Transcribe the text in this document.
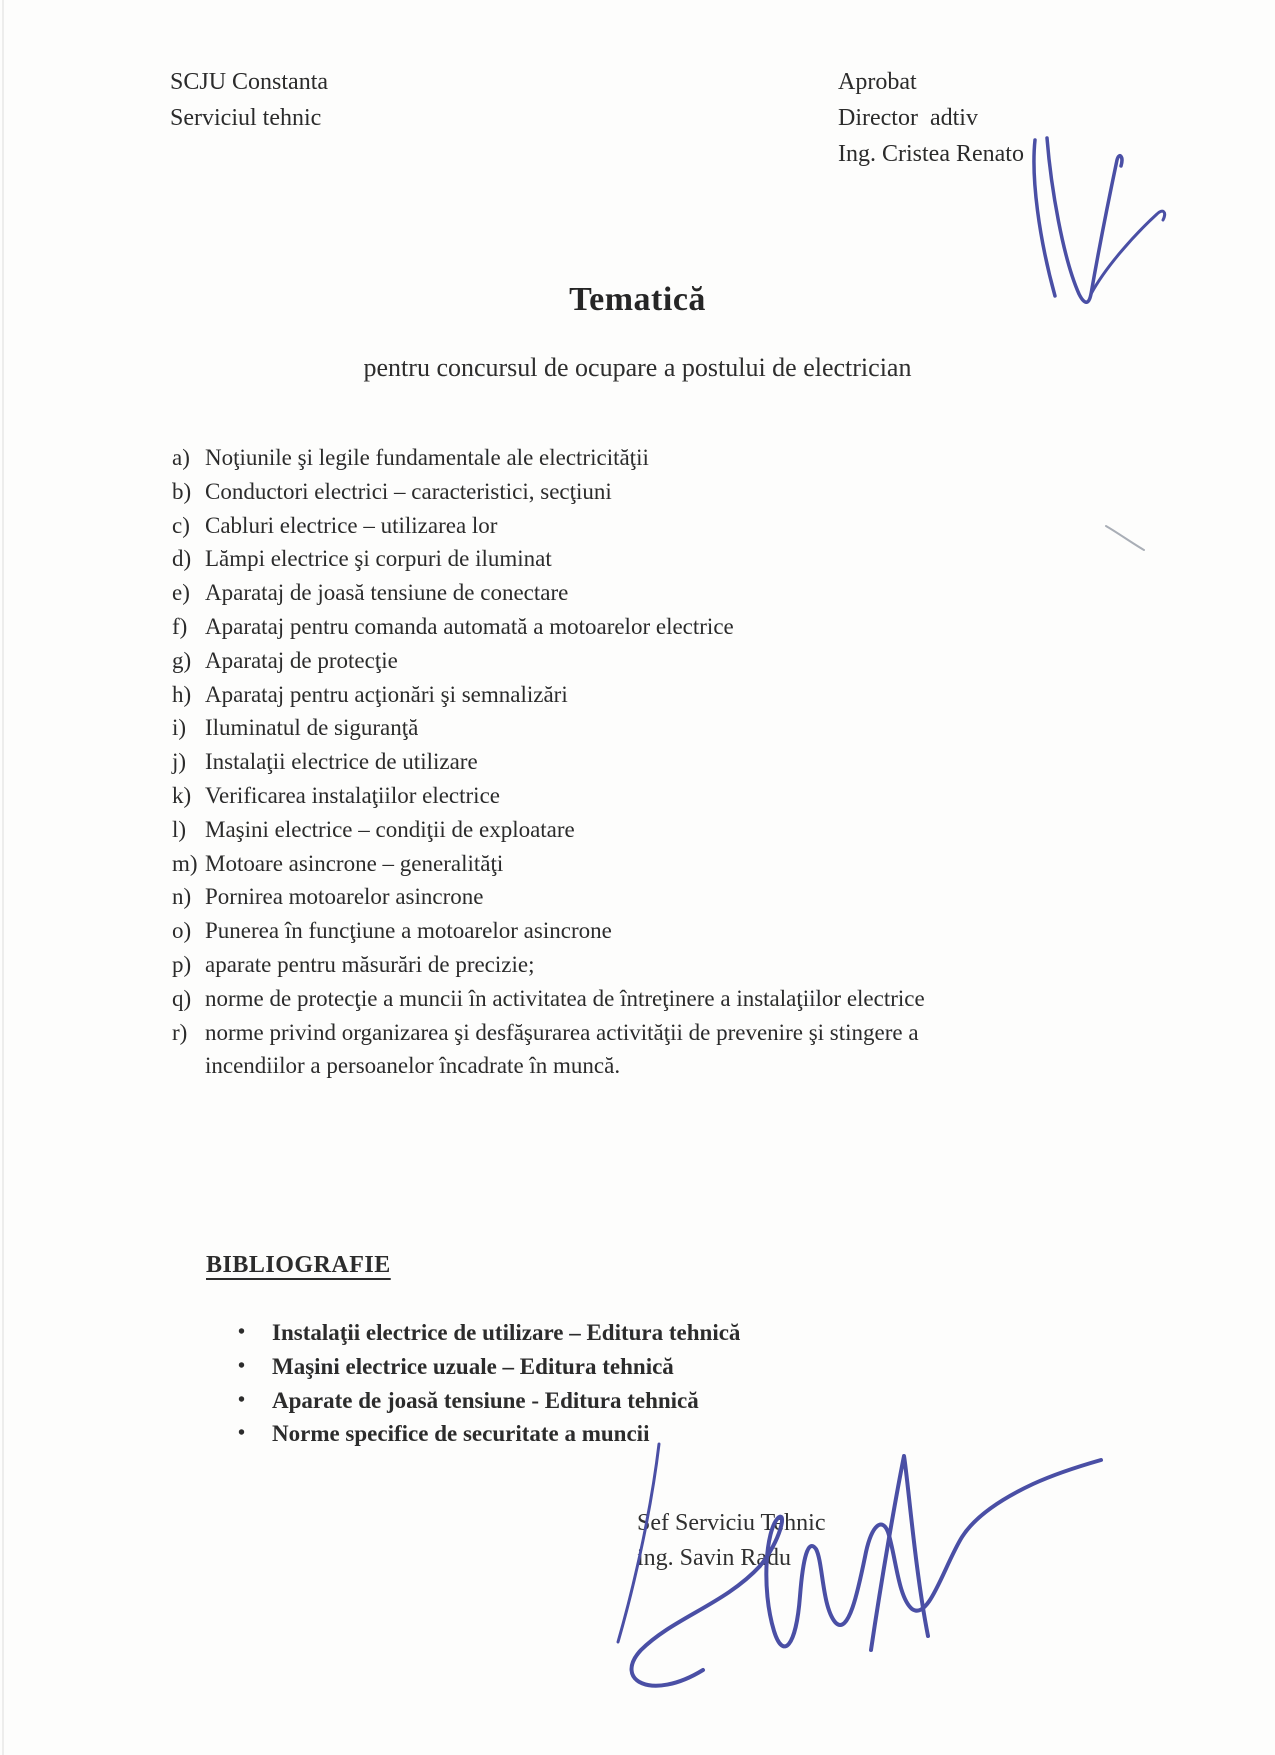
SCJU Constanta
Serviciul tehnic
Aprobat
Director  adtiv
Ing. Cristea Renato
Tematică
pentru concursul de ocupare a postului de electrician
a) Noţiunile şi legile fundamentale ale electricităţii
b) Conductori electrici – caracteristici, secţiuni
c) Cabluri electrice – utilizarea lor
d) Lămpi electrice şi corpuri de iluminat
e) Aparataj de joasă tensiune de conectare
f) Aparataj pentru comanda automată a motoarelor electrice
g) Aparataj de protecţie
h) Aparataj pentru acţionări şi semnalizări
i) Iluminatul de siguranţă
j) Instalaţii electrice de utilizare
k) Verificarea instalaţiilor electrice
l) Maşini electrice – condiţii de exploatare
m) Motoare asincrone – generalităţi
n) Pornirea motoarelor asincrone
o) Punerea în funcţiune a motoarelor asincrone
p) aparate pentru măsurări de precizie;
q) norme de protecţie a muncii în activitatea de întreţinere a instalaţiilor electrice
r) norme privind organizarea şi desfăşurarea activităţii de prevenire şi stingere a
incendiilor a persoanelor încadrate în muncă.
BIBLIOGRAFIE
•	Instalaţii electrice de utilizare – Editura tehnică
•	Maşini electrice uzuale – Editura tehnică
•	Aparate de joasă tensiune - Editura tehnică
•	Norme specifice de securitate a muncii
Sef Serviciu Tehnic
ing. Savin Radu
